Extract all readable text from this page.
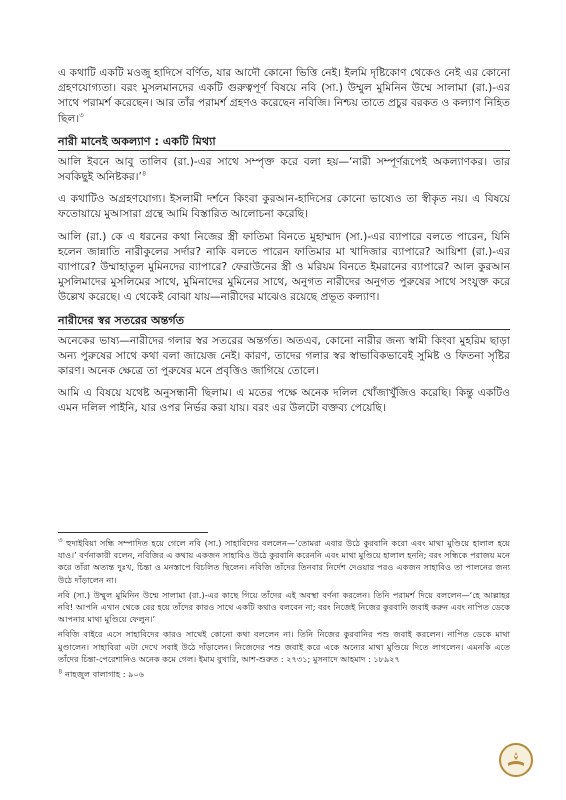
এ কথাটি একটি মওজু হাদিসে বর্ণিত, যার আদৌ কোনো ভিত্তি নেই। ইলমি দৃষ্টিকোণ থেকেও নেই এর কোনো গ্রহণযোগ্যতা। বরং মুসলমানদের একটি গুরুত্বপূর্ণ বিষয়ে নবি (সা.) উম্মুল মুমিনিন উম্মে সালামা (রা.)-এর সাথে পরামর্শ করেছেন। আর তাঁর পরামর্শ গ্রহণও করেছেন নবিজি। নিশ্চয় তাতে প্রচুর বরকত ও কল্যাণ নিহিত ছিল।$^৩$

নারী মানেই অকল্যাণ : একটি মিথ্যা

আলি ইবনে আবু তালিব (রা.)-এর সাথে সম্পৃক্ত করে বলা হয়—‘নারী সম্পূর্ণরূপেই অকল্যাণকর। তার সবকিছুই অনিষ্টকর।’$^৪$

এ কথাটিও অগ্রহণযোগ্য। ইসলামী দর্শনে কিংবা কুরআন-হাদিসের কোনো ভাষ্যেও তা স্বীকৃত নয়। এ বিষয়ে ফতোয়ায়ে মুআসারা গ্রন্থে আমি বিস্তারিত আলোচনা করেছি।

আলি (রা.) কে এ ধরনের কথা নিজের স্ত্রী ফাতিমা বিনতে মুহাম্মাদ (সা.)-এর ব্যাপারে বলতে পারেন, যিনি হলেন জান্নাতি নারীকুলের সর্দার? নাকি বলতে পারেন ফাতিমার মা খাদিজার ব্যাপারে? আয়িশা (রা.)-এর ব্যাপারে? উম্মাহাতুল মুমিনদের ব্যাপারে? ফেরাউনের স্ত্রী ও মরিয়ম বিনতে ইমরানের ব্যাপারে? আল কুরআন মুসলিমাদের মুসলিমের সাথে, মুমিনাদের মুমিনের সাথে, অনুগত নারীদের অনুগত পুরুষের সাথে সংযুক্ত করে উল্লেখ করেছে। এ থেকেই বোঝা যায়—নারীদের মাঝেও রয়েছে প্রভূত কল্যাণ।

নারীদের স্বর সতরের অন্তর্গত

অনেকের ভাষ্য—নারীদের গলার স্বর সতরের অন্তর্গত। অতএব, কোনো নারীর জন্য স্বামী কিংবা মুহরিম ছাড়া অন্য পুরুষের সাথে কথা বলা জায়েজ নেই। কারণ, তাদের গলার স্বর স্বাভাবিকভাবেই সুমিষ্ট ও ফিতনা সৃষ্টির কারণ। অনেক ক্ষেত্রে তা পুরুষের মনে প্রবৃত্তিও জাগিয়ে তোলে।

আমি এ বিষয়ে যথেষ্ট অনুসন্ধানী ছিলাম। এ মতের পক্ষে অনেক দলিল খোঁজাখুঁজিও করেছি। কিন্তু একটিও এমন দলিল পাইনি, যার ওপর নির্ভর করা যায়। বরং এর উলটো বক্তব্য পেয়েছি।

৩ হুদাইবিয়া সন্ধি সম্পাদিত হয়ে গেলে নবি (সা.) সাহাবিদের বললেন—‘তোমরা এবার উঠে কুরবানি করো এবং মাথা মুণ্ডিয়ে হালাল হয়ে যাও।’ বর্ণনাকারী বলেন, নবিজির এ কথায় একজন সাহাবিও উঠে কুরবানি করেননি এবং মাথা মুণ্ডিয়ে হালাল হননি; বরং সন্ধিকে পরাজয় মনে করে তাঁরা অত্যন্ত দুঃখ, চিন্তা ও মনস্তাপে বিচলিত ছিলেন। নবিজি তাঁদের তিনবার নির্দেশ দেওয়ার পরও একজন সাহাবিও তা পালনের জন্য উঠে দাঁড়ালেন না।

নবি (সা.) উম্মুল মুমিনিন উম্মে সালামা (রা.)-এর কাছে গিয়ে তাঁদের এই অবস্থা বর্ণনা করলেন। তিনি পরামর্শ দিয়ে বললেন—‘হে আল্লাহর নবি! আপনি এখান থেকে বের হয়ে তাঁদের কারও সাথে একটি কথাও বলবেন না; বরং নিজেই নিজের কুরবানি জবাই করুন এবং নাপিত ডেকে আপনার মাথা মুণ্ডিয়ে ফেলুন।’

নবিজি বাইরে এসে সাহাবিদের কারও সাথেই কোনো কথা বললেন না। তিনি নিজের কুরবানির পশু জবাই করলেন। নাপিত ডেকে মাথা মুণ্ডালেন। সাহাবিরা এটা দেখে সবাই উঠে দাঁড়ালেন। নিজেদের পশু জবাই করে একে অন্যের মাথা মুণ্ডিয়ে দিতে লাগলেন। এমনকি এতে তাঁদের চিন্তা-পেরেশানিও অনেক কমে গেল। ইমাম বুখারি, আশ-শুরুত : ২৭৩১; মুসনাদে আহমাদ : ১৮৯২৭

৪ নাহজুল বালাগাহ : ৯০৬
